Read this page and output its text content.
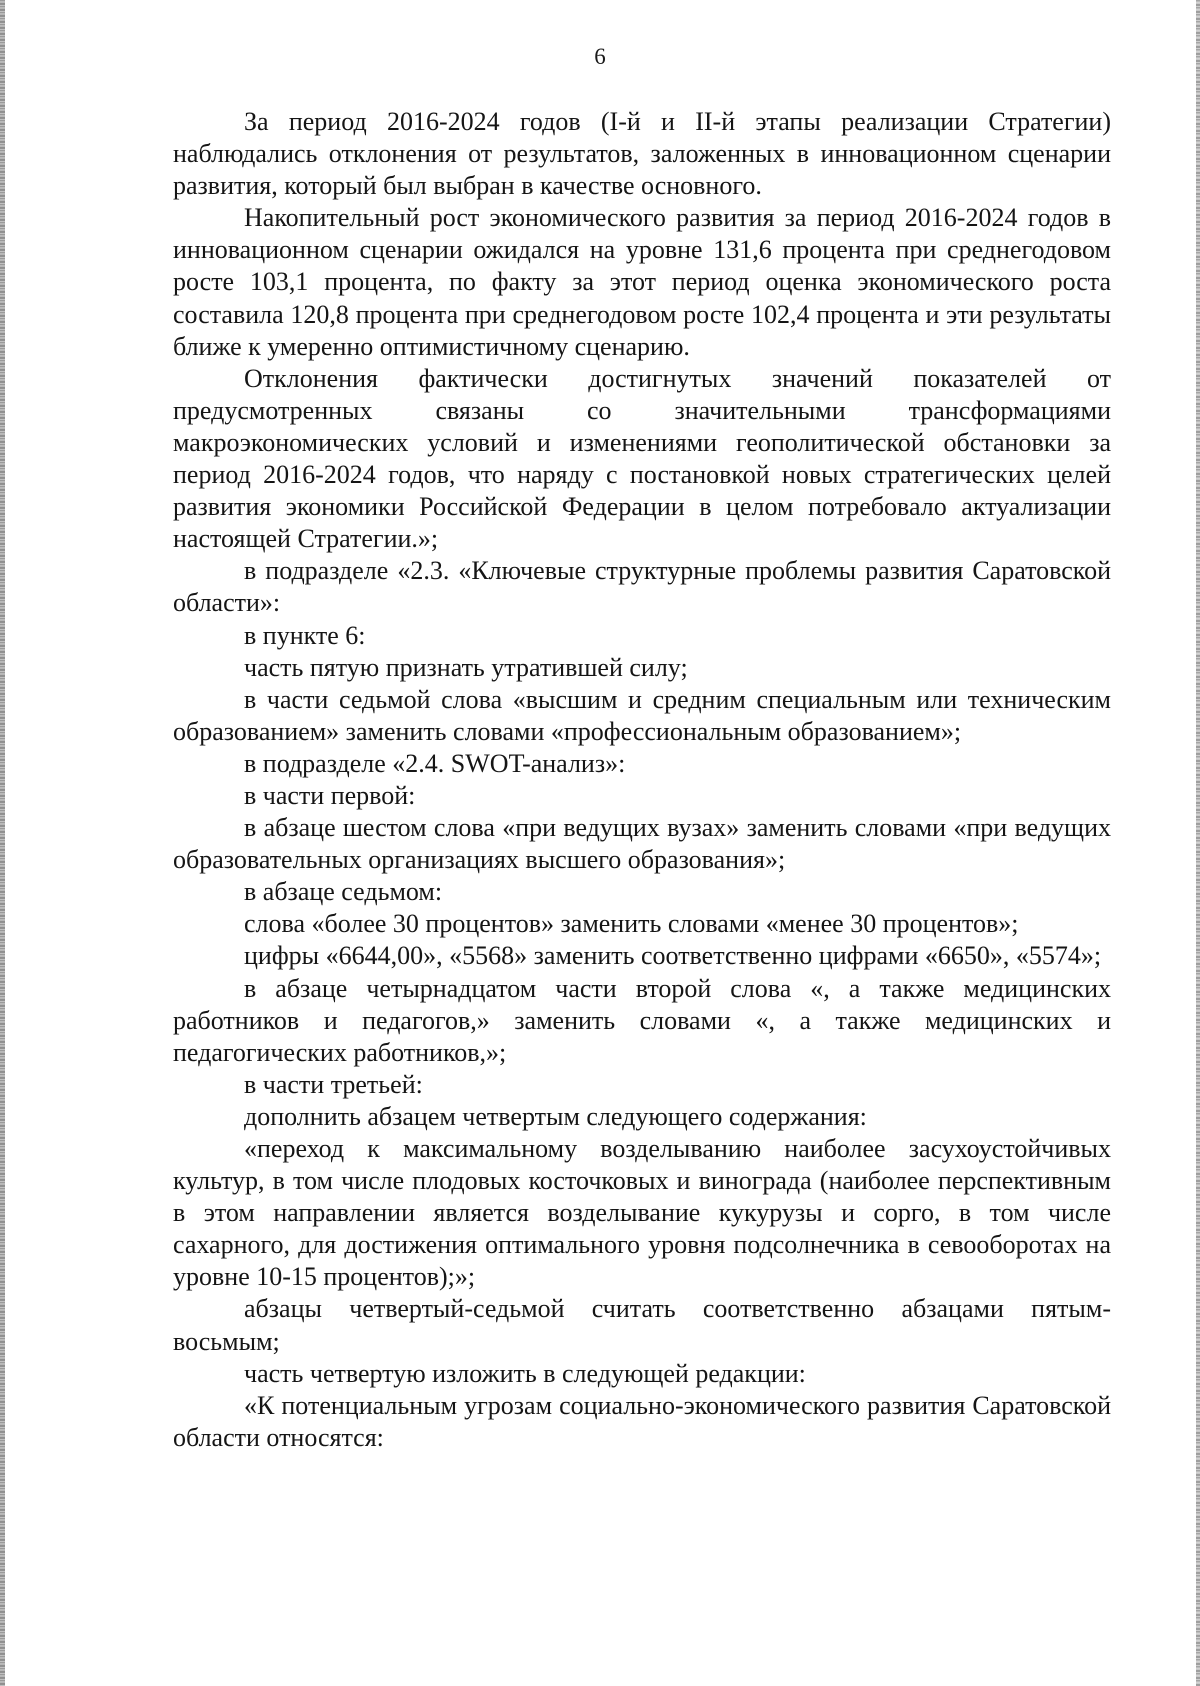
6

За период 2016-2024 годов (I-й и II-й этапы реализации Стратегии) наблюдались отклонения от результатов, заложенных в инновационном сценарии развития, который был выбран в качестве основного.

Накопительный рост экономического развития за период 2016-2024 годов в инновационном сценарии ожидался на уровне 131,6 процента при среднегодовом росте 103,1 процента, по факту за этот период оценка экономического роста составила 120,8 процента при среднегодовом росте 102,4 процента и эти результаты ближе к умеренно оптимистичному сценарию.

Отклонения фактически достигнутых значений показателей от предусмотренных связаны со значительными трансформациями макроэкономических условий и изменениями геополитической обстановки за период 2016-2024 годов, что наряду с постановкой новых стратегических целей развития экономики Российской Федерации в целом потребовало актуализации настоящей Стратегии.»;

в подразделе «2.3. «Ключевые структурные проблемы развития Саратовской области»:

в пункте 6:

часть пятую признать утратившей силу;

в части седьмой слова «высшим и средним специальным или техническим образованием» заменить словами «профессиональным образованием»;

в подразделе «2.4. SWOT-анализ»:

в части первой:

в абзаце шестом слова «при ведущих вузах» заменить словами «при ведущих образовательных организациях высшего образования»;

в абзаце седьмом:

слова «более 30 процентов» заменить словами «менее 30 процентов»;

цифры «6644,00», «5568» заменить соответственно цифрами «6650», «5574»;

в абзаце четырнадцатом части второй слова «, а также медицинских работников и педагогов,» заменить словами «, а также медицинских и педагогических работников,»;

в части третьей:

дополнить абзацем четвертым следующего содержания:

«переход к максимальному возделыванию наиболее засухоустойчивых культур, в том числе плодовых косточковых и винограда (наиболее перспективным в этом направлении является возделывание кукурузы и сорго, в том числе сахарного, для достижения оптимального уровня подсолнечника в севооборотах на уровне 10-15 процентов);»;

абзацы четвертый-седьмой считать соответственно абзацами пятым-восьмым;

часть четвертую изложить в следующей редакции:

«К потенциальным угрозам социально-экономического развития Саратовской области относятся:
